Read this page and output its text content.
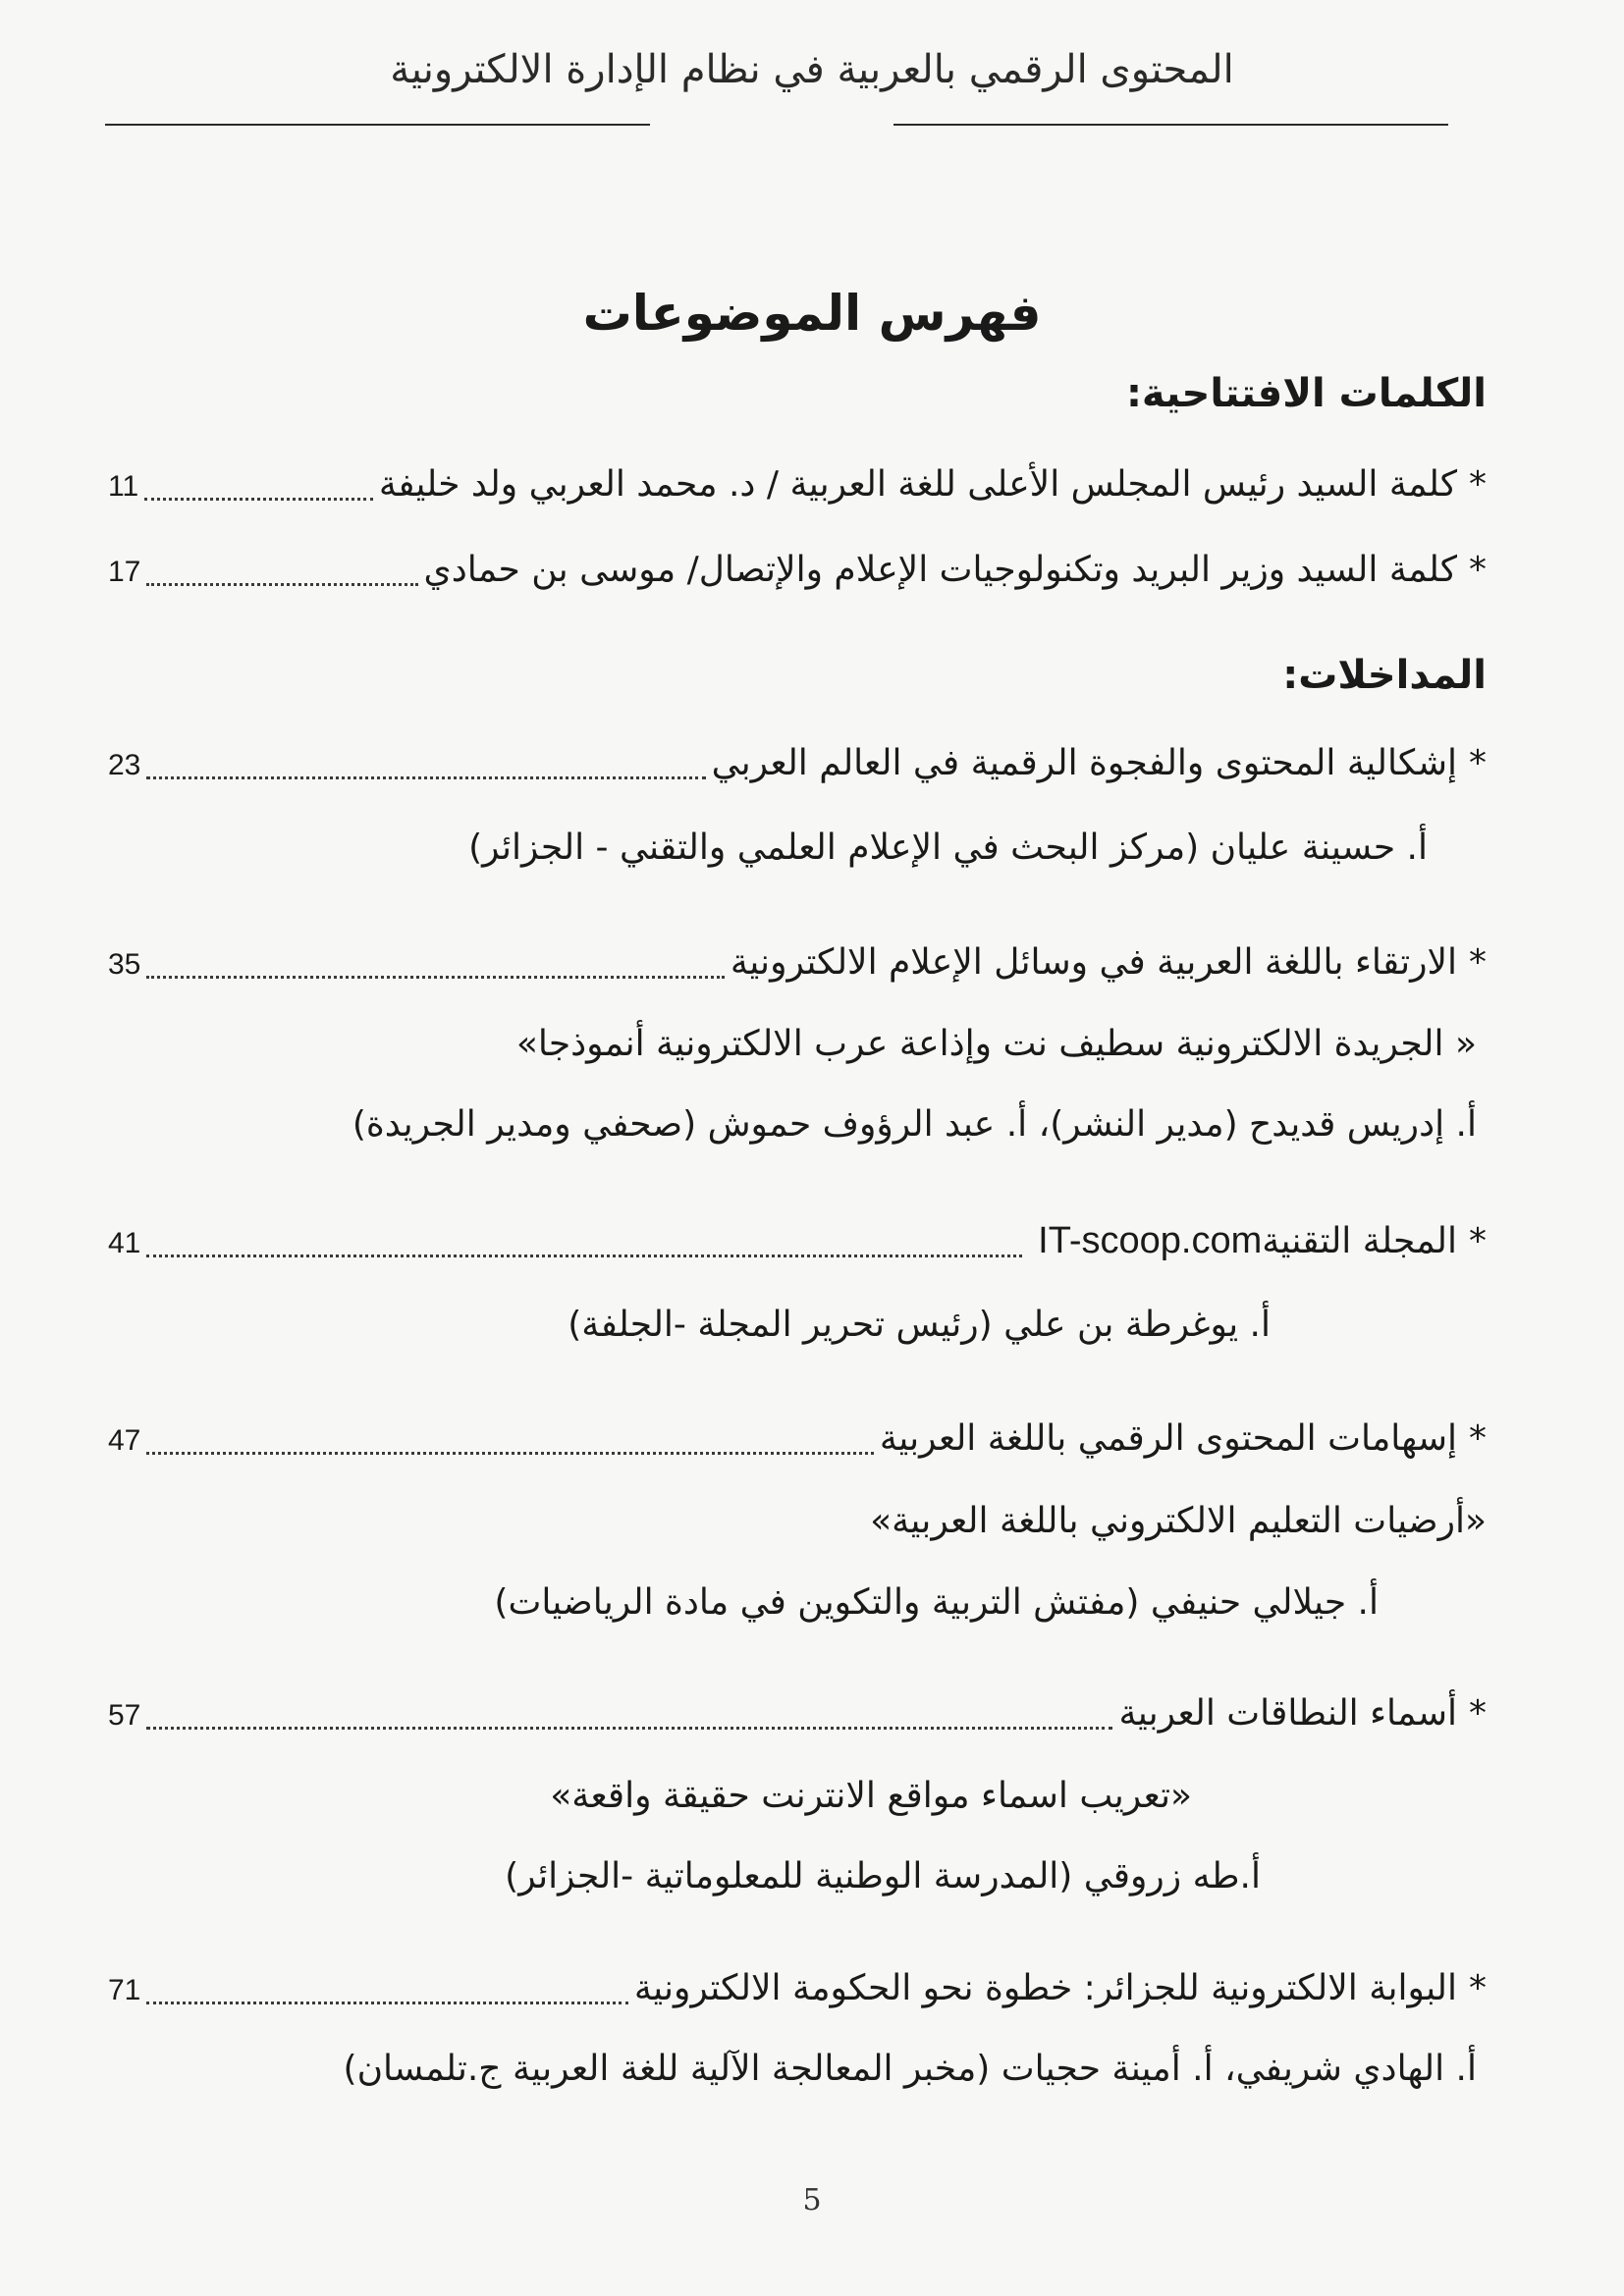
المحتوى الرقمي بالعربية في نظام الإدارة الالكترونية
فهرس الموضوعات
الكلمات الافتتاحية:
*كلمة السيد رئيس المجلس الأعلى للغة العربية / د. محمد العربي ولد خليفة
11
*كلمة السيد وزير البريد وتكنولوجيات الإعلام والإتصال/ موسى بن حمادي
17
المداخلات:
*إشكالية المحتوى والفجوة الرقمية في العالم العربي
23
أ. حسينة عليان (مركز البحث في الإعلام العلمي والتقني - الجزائر)
*الارتقاء باللغة العربية في وسائل الإعلام الالكترونية
35
« الجريدة الالكترونية سطيف نت وإذاعة عرب الالكترونية أنموذجا»
أ. إدريس قديدح (مدير النشر)، أ. عبد الرؤوف حموش (صحفي ومدير الجريدة)
*المجلة التقنيةIT-scoop.com
41
أ. يوغرطة بن علي (رئيس تحرير المجلة -الجلفة)
*إسهامات المحتوى الرقمي باللغة العربية
47
«أرضيات التعليم الالكتروني باللغة العربية»
أ. جيلالي حنيفي (مفتش التربية والتكوين في مادة الرياضيات)
*أسماء النطاقات العربية
57
«تعريب اسماء مواقع الانترنت حقيقة واقعة»
أ.طه زروقي (المدرسة الوطنية للمعلوماتية -الجزائر)
*البوابة الالكترونية للجزائر: خطوة نحو الحكومة الالكترونية
71
أ. الهادي شريفي، أ. أمينة حجيات (مخبر المعالجة الآلية للغة العربية ج.تلمسان)
5
